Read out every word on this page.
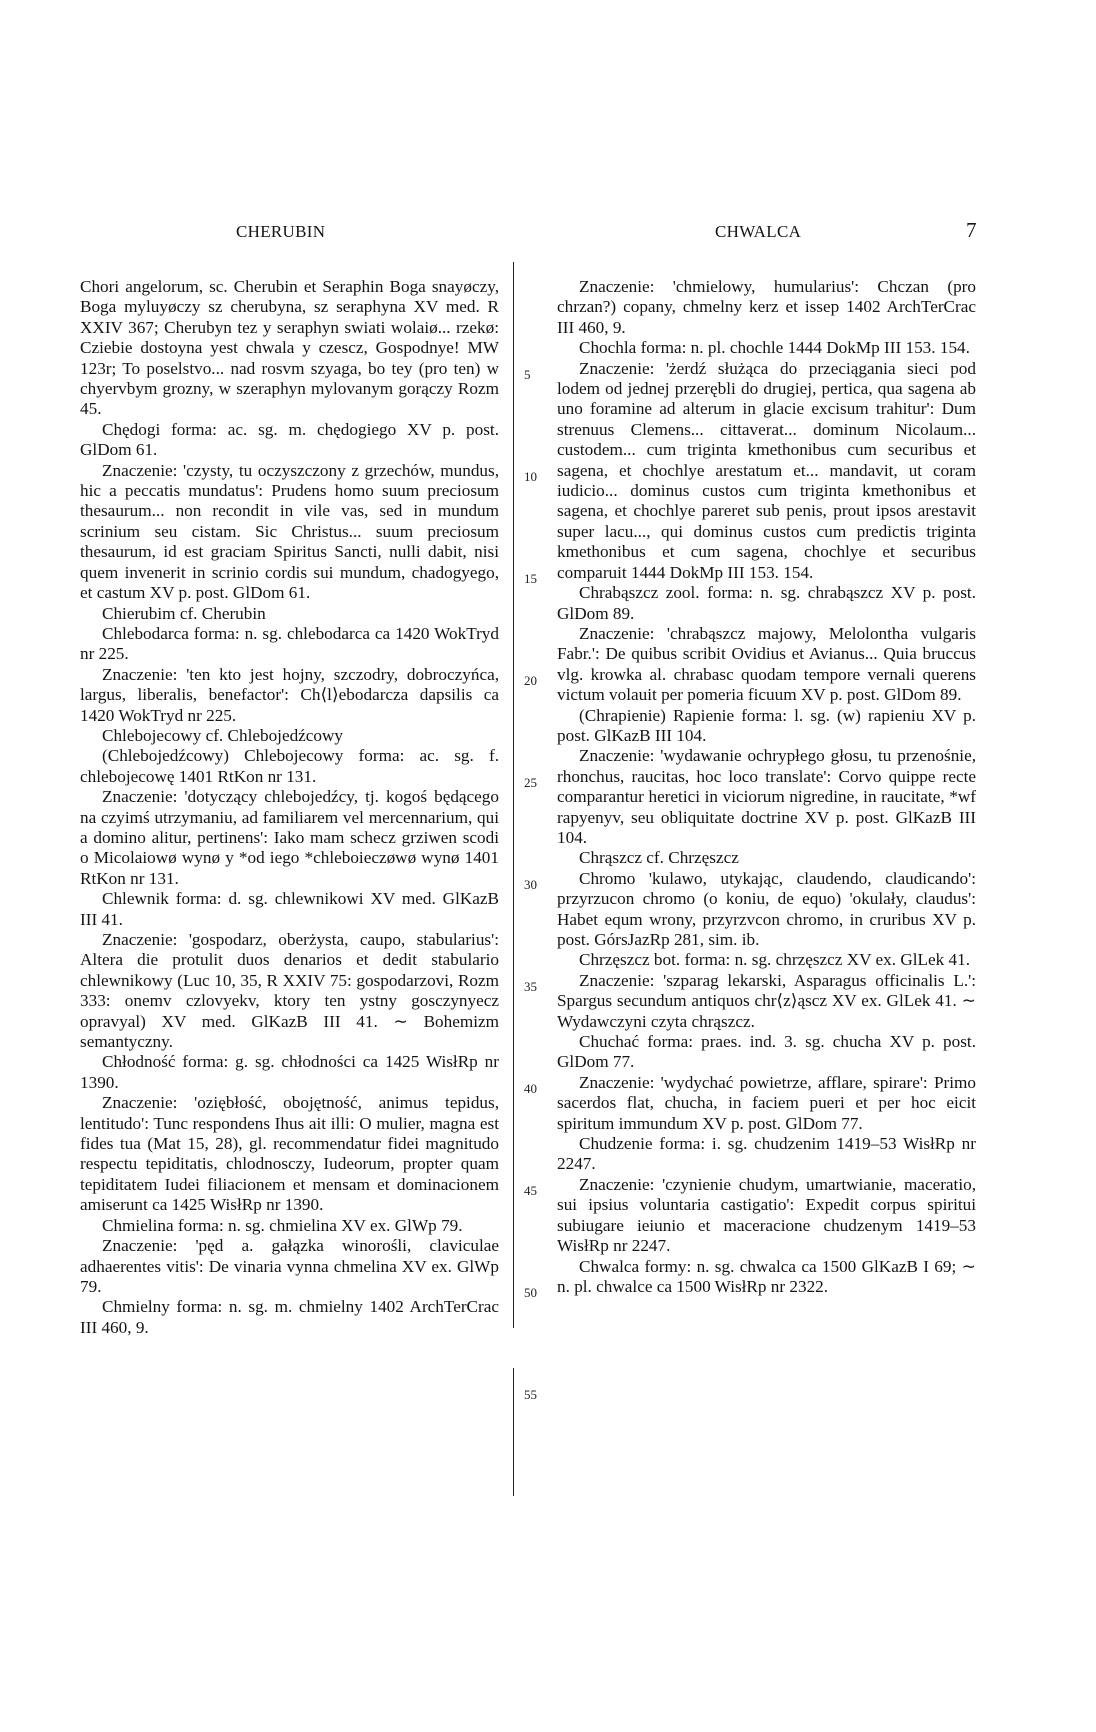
CHERUBIN	CHWALCA	7

Chori angelorum, sc. Cherubin et Seraphin Boga snayøczy, Boga myluyøczy sz cherubyna, sz seraphyna XV med. R XXIV 367; Cherubyn tez y seraphyn swiati wolaiø... rzekø: Cziebie dostoyna yest chwala y czescz, Gospodnye! MW 123r; To poselstvo... nad rosvm szyaga, bo tey (pro ten) w chyervbym grozny, w szeraphyn mylovanym gorączy Rozm 45.

Chędogi forma: ac. sg. m. chędogiego XV p. post. GlDom 61.

Znaczenie: 'czysty, tu oczyszczony z grzechów, mundus, hic a peccatis mundatus': Prudens homo suum preciosum thesaurum... non recondit in vile vas, sed in mundum scrinium seu cistam. Sic Christus... suum preciosum thesaurum, id est graciam Spiritus Sancti, nulli dabit, nisi quem invenerit in scrinio cordis sui mundum, chadogyego, et castum XV p. post. GlDom 61.

Chierubim cf. Cherubin

Chlebodarca forma: n. sg. chlebodarca ca 1420 WokTryd nr 225.

Znaczenie: 'ten kto jest hojny, szczodry, dobroczyńca, largus, liberalis, benefactor': Ch⟨l⟩ebodarcza dapsilis ca 1420 WokTryd nr 225.

Chlebojecowy cf. Chlebojedźcowy

(Chlebojedźcowy) Chlebojecowy forma: ac. sg. f. chlebojecowę 1401 RtKon nr 131.

Znaczenie: 'dotyczący chlebojedźcy, tj. kogoś będącego na czyimś utrzymaniu, ad familiarem vel mercennarium, qui a domino alitur, pertinens': Iako mam schecz grziwen scodi o Micolaiowø wynø y *od iego *chleboieczøwø wynø 1401 RtKon nr 131.

Chlewnik forma: d. sg. chlewnikowi XV med. GlKazB III 41.

Znaczenie: 'gospodarz, oberżysta, caupo, stabularius': Altera die protulit duos denarios et dedit stabulario chlewnikowy (Luc 10, 35, R XXIV 75: gospodarzovi, Rozm 333: onemv czlovyekv, ktory ten ystny gosczynyecz opravyal) XV med. GlKazB III 41. ∼ Bohemizm semantyczny.

Chłodność forma: g. sg. chłodności ca 1425 WisłRp nr 1390.

Znaczenie: 'oziębłość, obojętność, animus tepidus, lentitudo': Tunc respondens Ihus ait illi: O mulier, magna est fides tua (Mat 15, 28), gl. recommendatur fidei magnitudo respectu tepiditatis, chlodnosczy, Iudeorum, propter quam tepiditatem Iudei filiacionem et mensam et dominacionem amiserunt ca 1425 WisłRp nr 1390.

Chmielina forma: n. sg. chmielina XV ex. GlWp 79.

Znaczenie: 'pęd a. gałązka winorośli, claviculae adhaerentes vitis': De vinaria vynna chmelina XV ex. GlWp 79.

Chmielny forma: n. sg. m. chmielny 1402 ArchTerCrac III 460, 9.

5
10
15
20
25
30
35
40
45
50
55

Znaczenie: 'chmielowy, humularius': Chczan (pro chrzan?) copany, chmelny kerz et issep 1402 ArchTerCrac III 460, 9.

Chochla forma: n. pl. chochle 1444 DokMp III 153. 154.

Znaczenie: 'żerdź służąca do przeciągania sieci pod lodem od jednej przerębli do drugiej, pertica, qua sagena ab uno foramine ad alterum in glacie excisum trahitur': Dum strenuus Clemens... cittaverat... dominum Nicolaum... custodem... cum triginta kmethonibus cum securibus et sagena, et chochlye arestatum et... mandavit, ut coram iudicio... dominus custos cum triginta kmethonibus et sagena, et chochlye pareret sub penis, prout ipsos arestavit super lacu..., qui dominus custos cum predictis triginta kmethonibus et cum sagena, chochlye et securibus comparuit 1444 DokMp III 153. 154.

Chrabąszcz zool. forma: n. sg. chrabąszcz XV p. post. GlDom 89.

Znaczenie: 'chrabąszcz majowy, Melolontha vulgaris Fabr.': De quibus scribit Ovidius et Avianus... Quia bruccus vlg. krowka al. chrabasc quodam tempore vernali querens victum volauit per pomeria ficuum XV p. post. GlDom 89.

(Chrapienie) Rapienie forma: l. sg. (w) rapieniu XV p. post. GlKazB III 104.

Znaczenie: 'wydawanie ochrypłego głosu, tu przenośnie, rhonchus, raucitas, hoc loco translate': Corvo quippe recte comparantur heretici in viciorum nigredine, in raucitate, *wf rapyenyv, seu obliquitate doctrine XV p. post. GlKazB III 104.

Chrąszcz cf. Chrzęszcz

Chromo 'kulawo, utykając, claudendo, claudicando': przyrzucon chromo (o koniu, de equo) 'okulały, claudus': Habet equm wrony, przyrzvcon chromo, in cruribus XV p. post. GórsJazRp 281, sim. ib.

Chrzęszcz bot. forma: n. sg. chrzęszcz XV ex. GlLek 41.

Znaczenie: 'szparag lekarski, Asparagus officinalis L.': Spargus secundum antiquos chr⟨z⟩ąscz XV ex. GlLek 41. ∼ Wydawczyni czyta chrąszcz.

Chuchać forma: praes. ind. 3. sg. chucha XV p. post. GlDom 77.

Znaczenie: 'wydychać powietrze, afflare, spirare': Primo sacerdos flat, chucha, in faciem pueri et per hoc eicit spiritum immundum XV p. post. GlDom 77.

Chudzenie forma: i. sg. chudzenim 1419–53 WisłRp nr 2247.

Znaczenie: 'czynienie chudym, umartwianie, maceratio, sui ipsius voluntaria castigatio': Expedit corpus spiritui subiugare ieiunio et maceracione chudzenym 1419–53 WisłRp nr 2247.

Chwalca formy: n. sg. chwalca ca 1500 GlKazB I 69; ∼ n. pl. chwalce ca 1500 WisłRp nr 2322.
